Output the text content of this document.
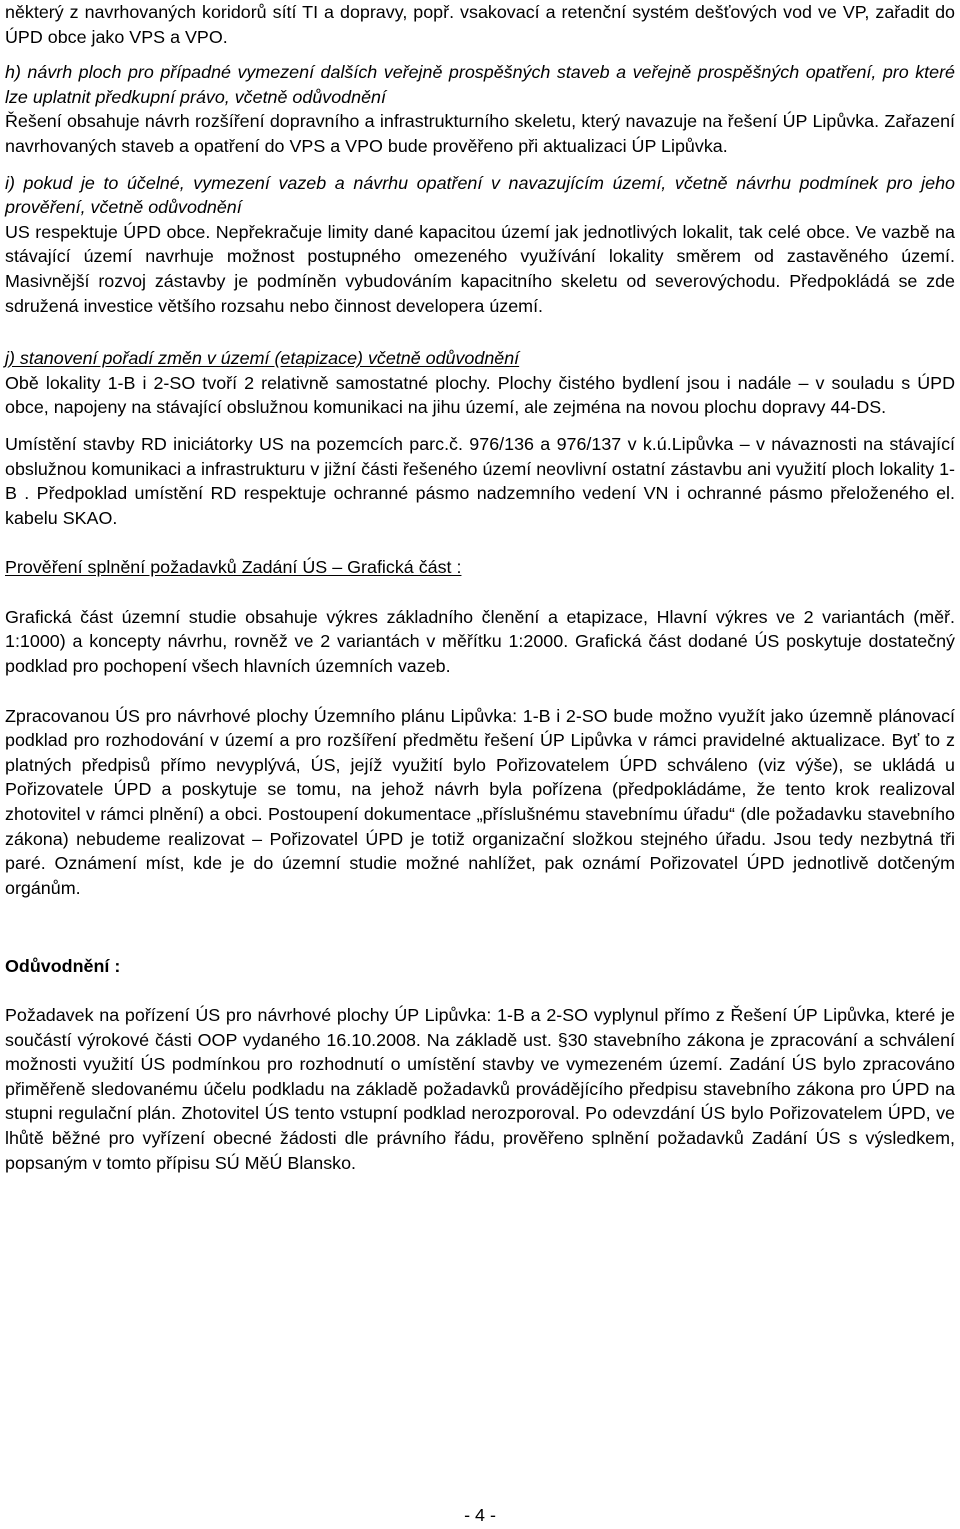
některý z navrhovaných koridorů sítí TI a dopravy, popř. vsakovací a retenční systém dešťových vod ve VP, zařadit do ÚPD obce jako VPS a VPO.

h) návrh ploch pro případné vymezení dalších veřejně prospěšných staveb a veřejně prospěšných opatření, pro které lze uplatnit předkupní právo, včetně odůvodnění

Řešení obsahuje návrh rozšíření dopravního a infrastrukturního skeletu, který navazuje na řešení ÚP Lipůvka. Zařazení navrhovaných staveb a opatření do VPS a VPO bude prověřeno při aktualizaci ÚP Lipůvka.

i) pokud je to účelné, vymezení vazeb a návrhu opatření v navazujícím území, včetně návrhu podmínek pro jeho prověření, včetně odůvodnění

US respektuje ÚPD obce. Nepřekračuje limity dané kapacitou území jak jednotlivých lokalit, tak celé obce. Ve vazbě na stávající území navrhuje možnost postupného omezeného využívání lokality směrem od zastavěného území. Masivnější rozvoj zástavby je podmíněn vybudováním kapacitního skeletu od severovýchodu. Předpokládá se zde sdružená investice většího rozsahu nebo činnost developera území.

j) stanovení pořadí změn v území (etapizace) včetně odůvodnění

Obě lokality 1-B i 2-SO tvoří 2 relativně samostatné plochy. Plochy čistého bydlení jsou i nadále – v souladu s ÚPD obce, napojeny na stávající obslužnou komunikaci na jihu území, ale zejména na novou plochu dopravy 44-DS.

Umístění stavby RD iniciátorky US na pozemcích parc.č. 976/136 a 976/137 v k.ú.Lipůvka – v návaznosti na stávající obslužnou komunikaci a infrastrukturu v jižní části řešeného území neovlivní ostatní zástavbu ani využití ploch lokality 1-B . Předpoklad umístění RD respektuje ochranné pásmo nadzemního vedení VN i ochranné pásmo přeloženého el. kabelu SKAO.

Prověření splnění požadavků Zadání ÚS – Grafická část :

Grafická část územní studie obsahuje výkres základního členění a etapizace, Hlavní výkres ve 2 variantách (měř. 1:1000) a koncepty návrhu, rovněž ve 2 variantách v měřítku 1:2000. Grafická část dodané ÚS poskytuje dostatečný podklad pro pochopení všech hlavních územních vazeb.

Zpracovanou ÚS pro návrhové plochy Územního plánu Lipůvka: 1-B i 2-SO bude možno využít jako územně plánovací podklad pro rozhodování v území a pro rozšíření předmětu řešení ÚP Lipůvka v rámci pravidelné aktualizace. Byť to z platných předpisů přímo nevyplývá, ÚS, jejíž využití bylo Pořizovatelem ÚPD schváleno (viz výše), se ukládá u Pořizovatele ÚPD a poskytuje se tomu, na jehož návrh byla pořízena (předpokládáme, že tento krok realizoval zhotovitel v rámci plnění) a obci. Postoupení dokumentace „příslušnému stavebnímu úřadu“ (dle požadavku stavebního zákona) nebudeme realizovat – Pořizovatel ÚPD je totiž organizační složkou stejného úřadu. Jsou tedy nezbytná tři paré. Oznámení míst, kde je do územní studie možné nahlížet, pak oznámí Pořizovatel ÚPD jednotlivě dotčeným orgánům.

Odůvodnění :

Požadavek na pořízení ÚS pro návrhové plochy ÚP Lipůvka: 1-B a 2-SO vyplynul přímo z Řešení ÚP Lipůvka, které je součástí výrokové části OOP vydaného 16.10.2008. Na základě ust. §30 stavebního zákona je zpracování a schválení možnosti využití ÚS podmínkou pro rozhodnutí o umístění stavby ve vymezeném území. Zadání ÚS bylo zpracováno přiměřeně sledovanému účelu podkladu na základě požadavků provádějícího předpisu stavebního zákona pro ÚPD na stupni regulační plán. Zhotovitel ÚS tento vstupní podklad nerozporoval. Po odevzdání ÚS bylo Pořizovatelem ÚPD, ve lhůtě běžné pro vyřízení obecné žádosti dle právního řádu, prověřeno splnění požadavků Zadání ÚS s výsledkem, popsaným v tomto přípisu SÚ MěÚ Blansko.

- 4 -
